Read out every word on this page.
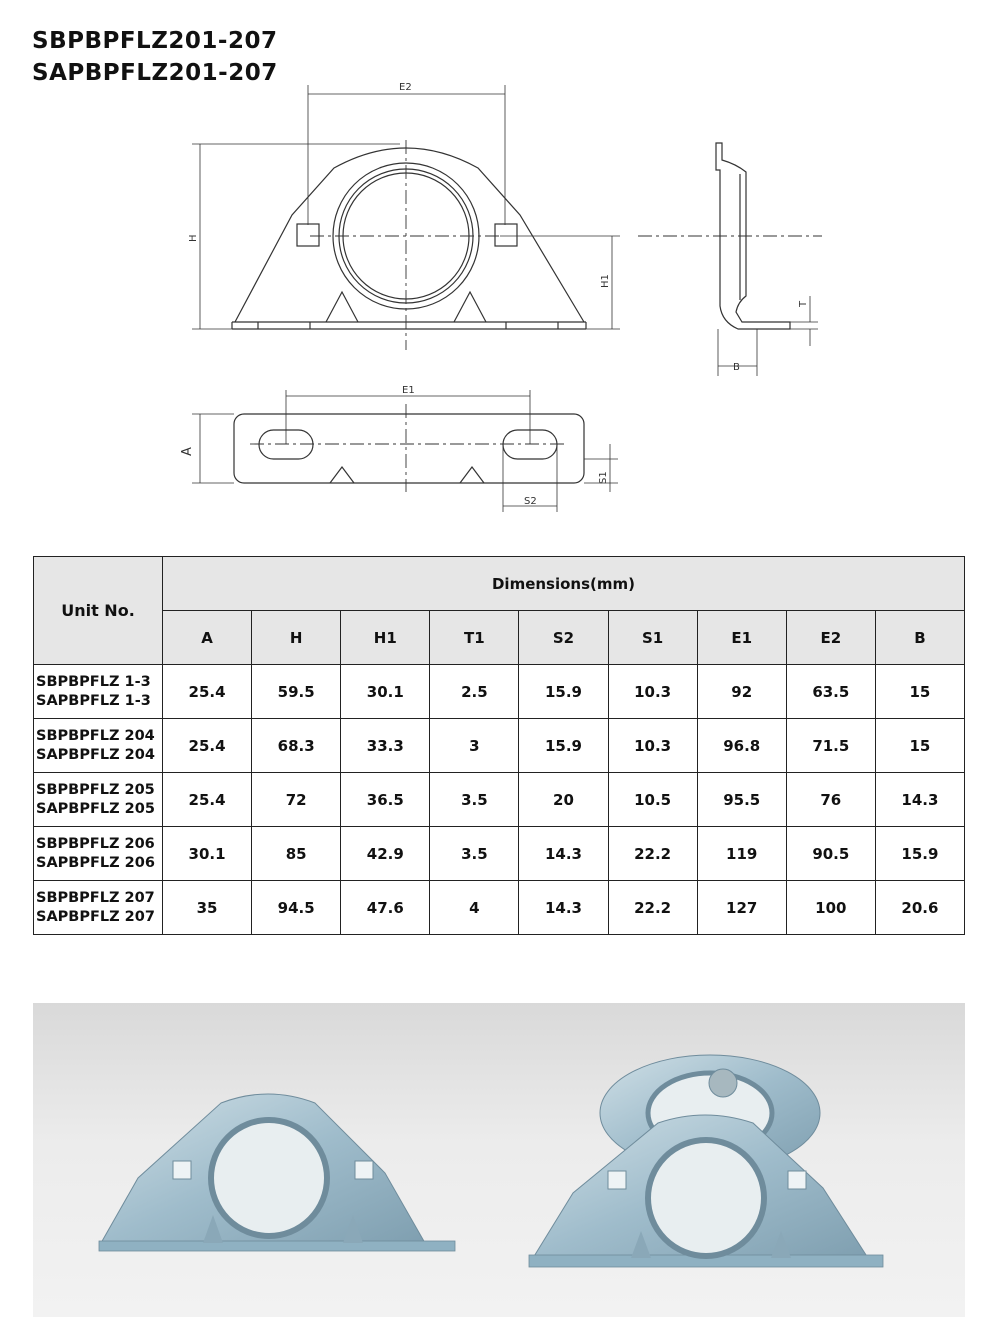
SBPBPFLZ201-207
SAPBPFLZ201-207
E2
H
H1
T
B
E1
A
S1
S2
Unit No.	Dimensions(mm)								
	A	H	H1	T1	S2	S1	E1	E2	B

SBPBPFLZ 1-3
SAPBPFLZ 1-3	25.4	59.5	30.1	2.5	15.9	10.3	92	63.5	15

SBPBPFLZ 204
SAPBPFLZ 204	25.4	68.3	33.3	3	15.9	10.3	96.8	71.5	15

SBPBPFLZ 205
SAPBPFLZ 205	25.4	72	36.5	3.5	20	10.5	95.5	76	14.3

SBPBPFLZ 206
SAPBPFLZ 206	30.1	85	42.9	3.5	14.3	22.2	119	90.5	15.9

SBPBPFLZ 207
SAPBPFLZ 207	35	94.5	47.6	4	14.3	22.2	127	100	20.6
